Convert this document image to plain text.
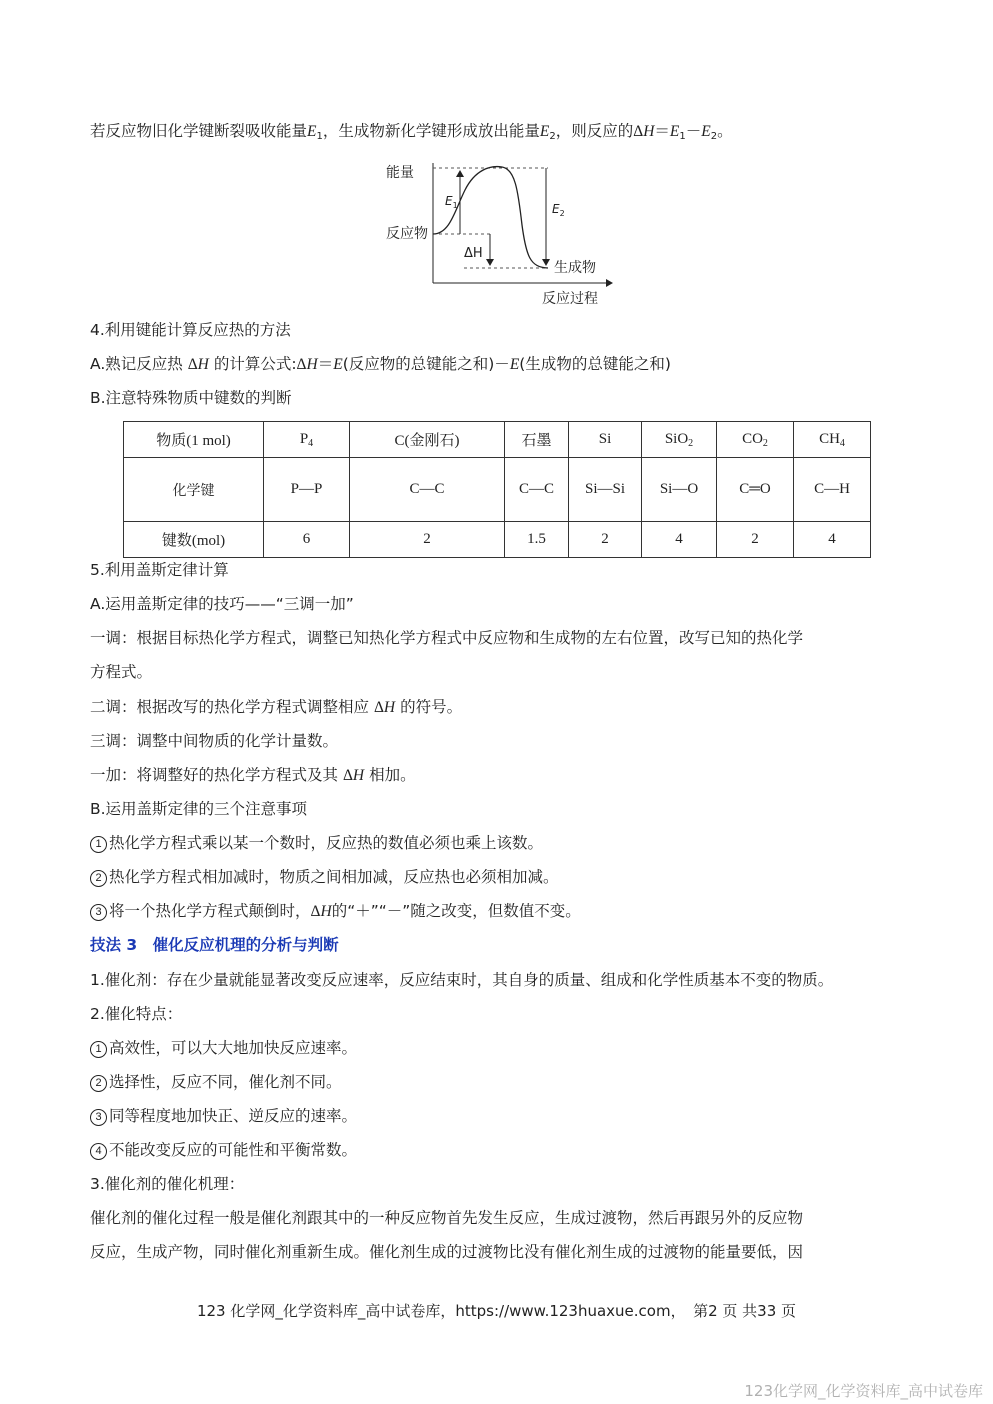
若反应物旧化学键断裂吸收能量$E_1$，生成物新化学键形成放出能量$E_2$，则反应的$\Delta H=E_1-E_2$。
能量
反应物
生成物
反应过程
$E_1$	$E_2$
ΔH
4.利用键能计算反应热的方法
A.熟记反应热 ΔH 的计算公式:ΔH＝E(反应物的总键能之和)－E(生成物的总键能之和)
B.注意特殊物质中键数的判断
物质(1 mol)	$P_4$	C(金刚石)	石墨	Si	SiO$_2$	$CO_2$	$CH_4$
化学键	P—P	C—C	C—C	Si—Si	Si—O	C═O	C—H
键数(mol)	6	2	1.5	2	4	2	4
5.利用盖斯定律计算
A.运用盖斯定律的技巧——“三调一加”
一调：根据目标热化学方程式，调整已知热化学方程式中反应物和生成物的左右位置，改写已知的热化学
方程式。
二调：根据改写的热化学方程式调整相应 ΔH 的符号。
三调：调整中间物质的化学计量数。
一加：将调整好的热化学方程式及其 ΔH 相加。
B.运用盖斯定律的三个注意事项
1 热化学方程式乘以某一个数时，反应热的数值必须也乘上该数。
2 热化学方程式相加减时，物质之间相加减，反应热也必须相加减。
3 将一个热化学方程式颠倒时，ΔH的“＋”“－”随之改变，但数值不变。
技法 3　催化反应机理的分析与判断
1.催化剂：存在少量就能显著改变反应速率，反应结束时，其自身的质量、组成和化学性质基本不变的物质。
2.催化特点：
1 高效性，可以大大地加快反应速率。
2 选择性，反应不同，催化剂不同。
3 同等程度地加快正、逆反应的速率。
4 不能改变反应的可能性和平衡常数。
3.催化剂的催化机理：
催化剂的催化过程一般是催化剂跟其中的一种反应物首先发生反应，生成过渡物，然后再跟另外的反应物
反应，生成产物，同时催化剂重新生成。催化剂生成的过渡物比没有催化剂生成的过渡物的能量要低，因
123 化学网_化学资料库_高中试卷库，https://www.123huaxue.com，　第2 页 共33 页
123化学网_化学资料库_高中试卷库
